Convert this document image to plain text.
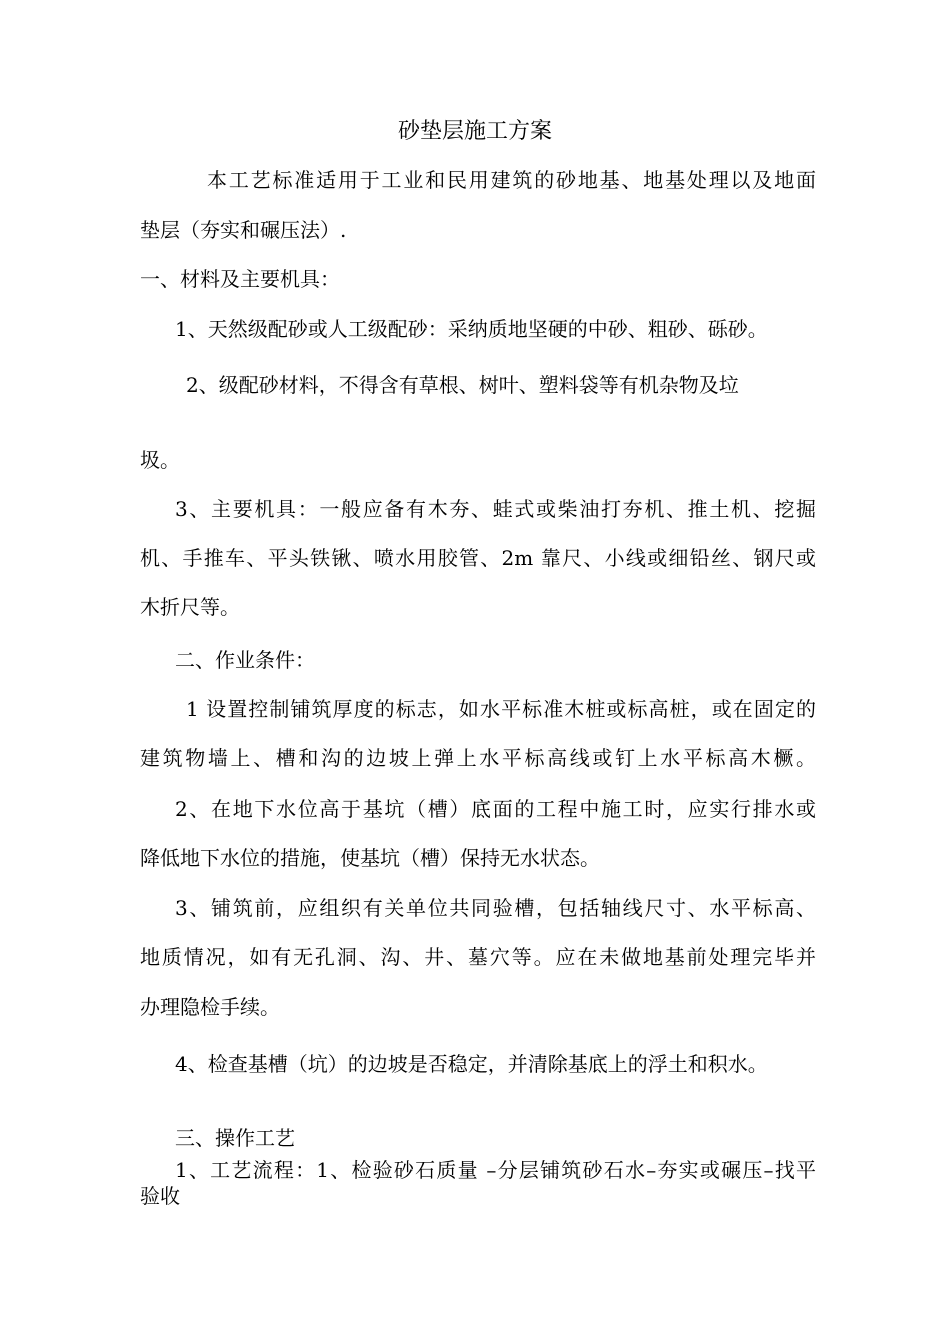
砂垫层施工方案
本工艺标准适用于工业和民用建筑的砂地基、地基处理以及地面
垫层（夯实和碾压法）.
一、材料及主要机具：
1、天然级配砂或人工级配砂：采纳质地坚硬的中砂、粗砂、砾砂。
2、级配砂材料，不得含有草根、树叶、塑料袋等有机杂物及垃
圾。
3、主要机具：一般应备有木夯、蛙式或柴油打夯机、推土机、挖掘
机、手推车、平头铁锹、喷水用胶管、2m 靠尺、小线或细铅丝、钢尺或
木折尺等。
二、作业条件：
1 设置控制铺筑厚度的标志，如水平标准木桩或标高桩，或在固定的
建筑物墙上、槽和沟的边坡上弹上水平标高线或钉上水平标高木橛。
2、在地下水位高于基坑（槽）底面的工程中施工时，应实行排水或
降低地下水位的措施，使基坑（槽）保持无水状态。
3、铺筑前，应组织有关单位共同验槽，包括轴线尺寸、水平标高、
地质情况，如有无孔洞、沟、井、墓穴等。应在未做地基前处理完毕并
办理隐检手续。
4、检查基槽（坑）的边坡是否稳定，并清除基底上的浮土和积水。
三、操作工艺
1、工艺流程：1、检验砂石质量 –分层铺筑砂石水–夯实或碾压–找平
验收
